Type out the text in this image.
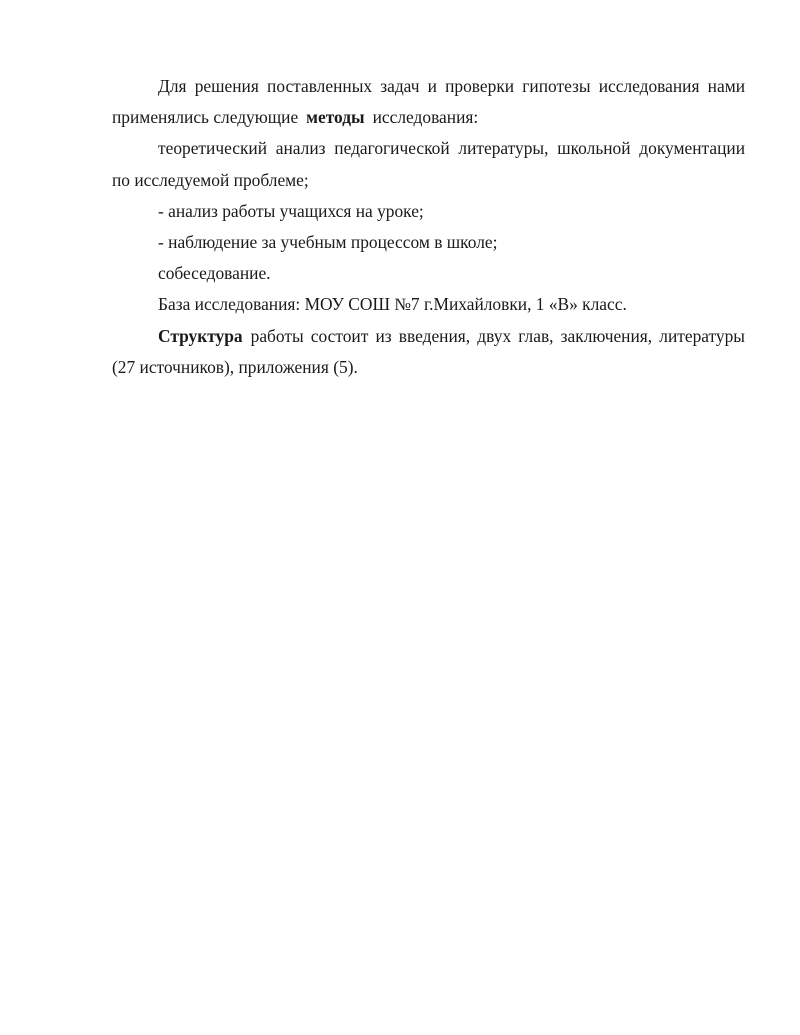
Для решения поставленных задач и проверки гипотезы исследования нами применялись следующие методы исследования:

теоретический анализ педагогической литературы, школьной документации по исследуемой проблеме;

- анализ работы учащихся на уроке;

- наблюдение за учебным процессом в школе;

собеседование.

База исследования: МОУ СОШ №7 г.Михайловки, 1 «В» класс.

Структура работы состоит из введения, двух глав, заключения, литературы (27 источников), приложения (5).
